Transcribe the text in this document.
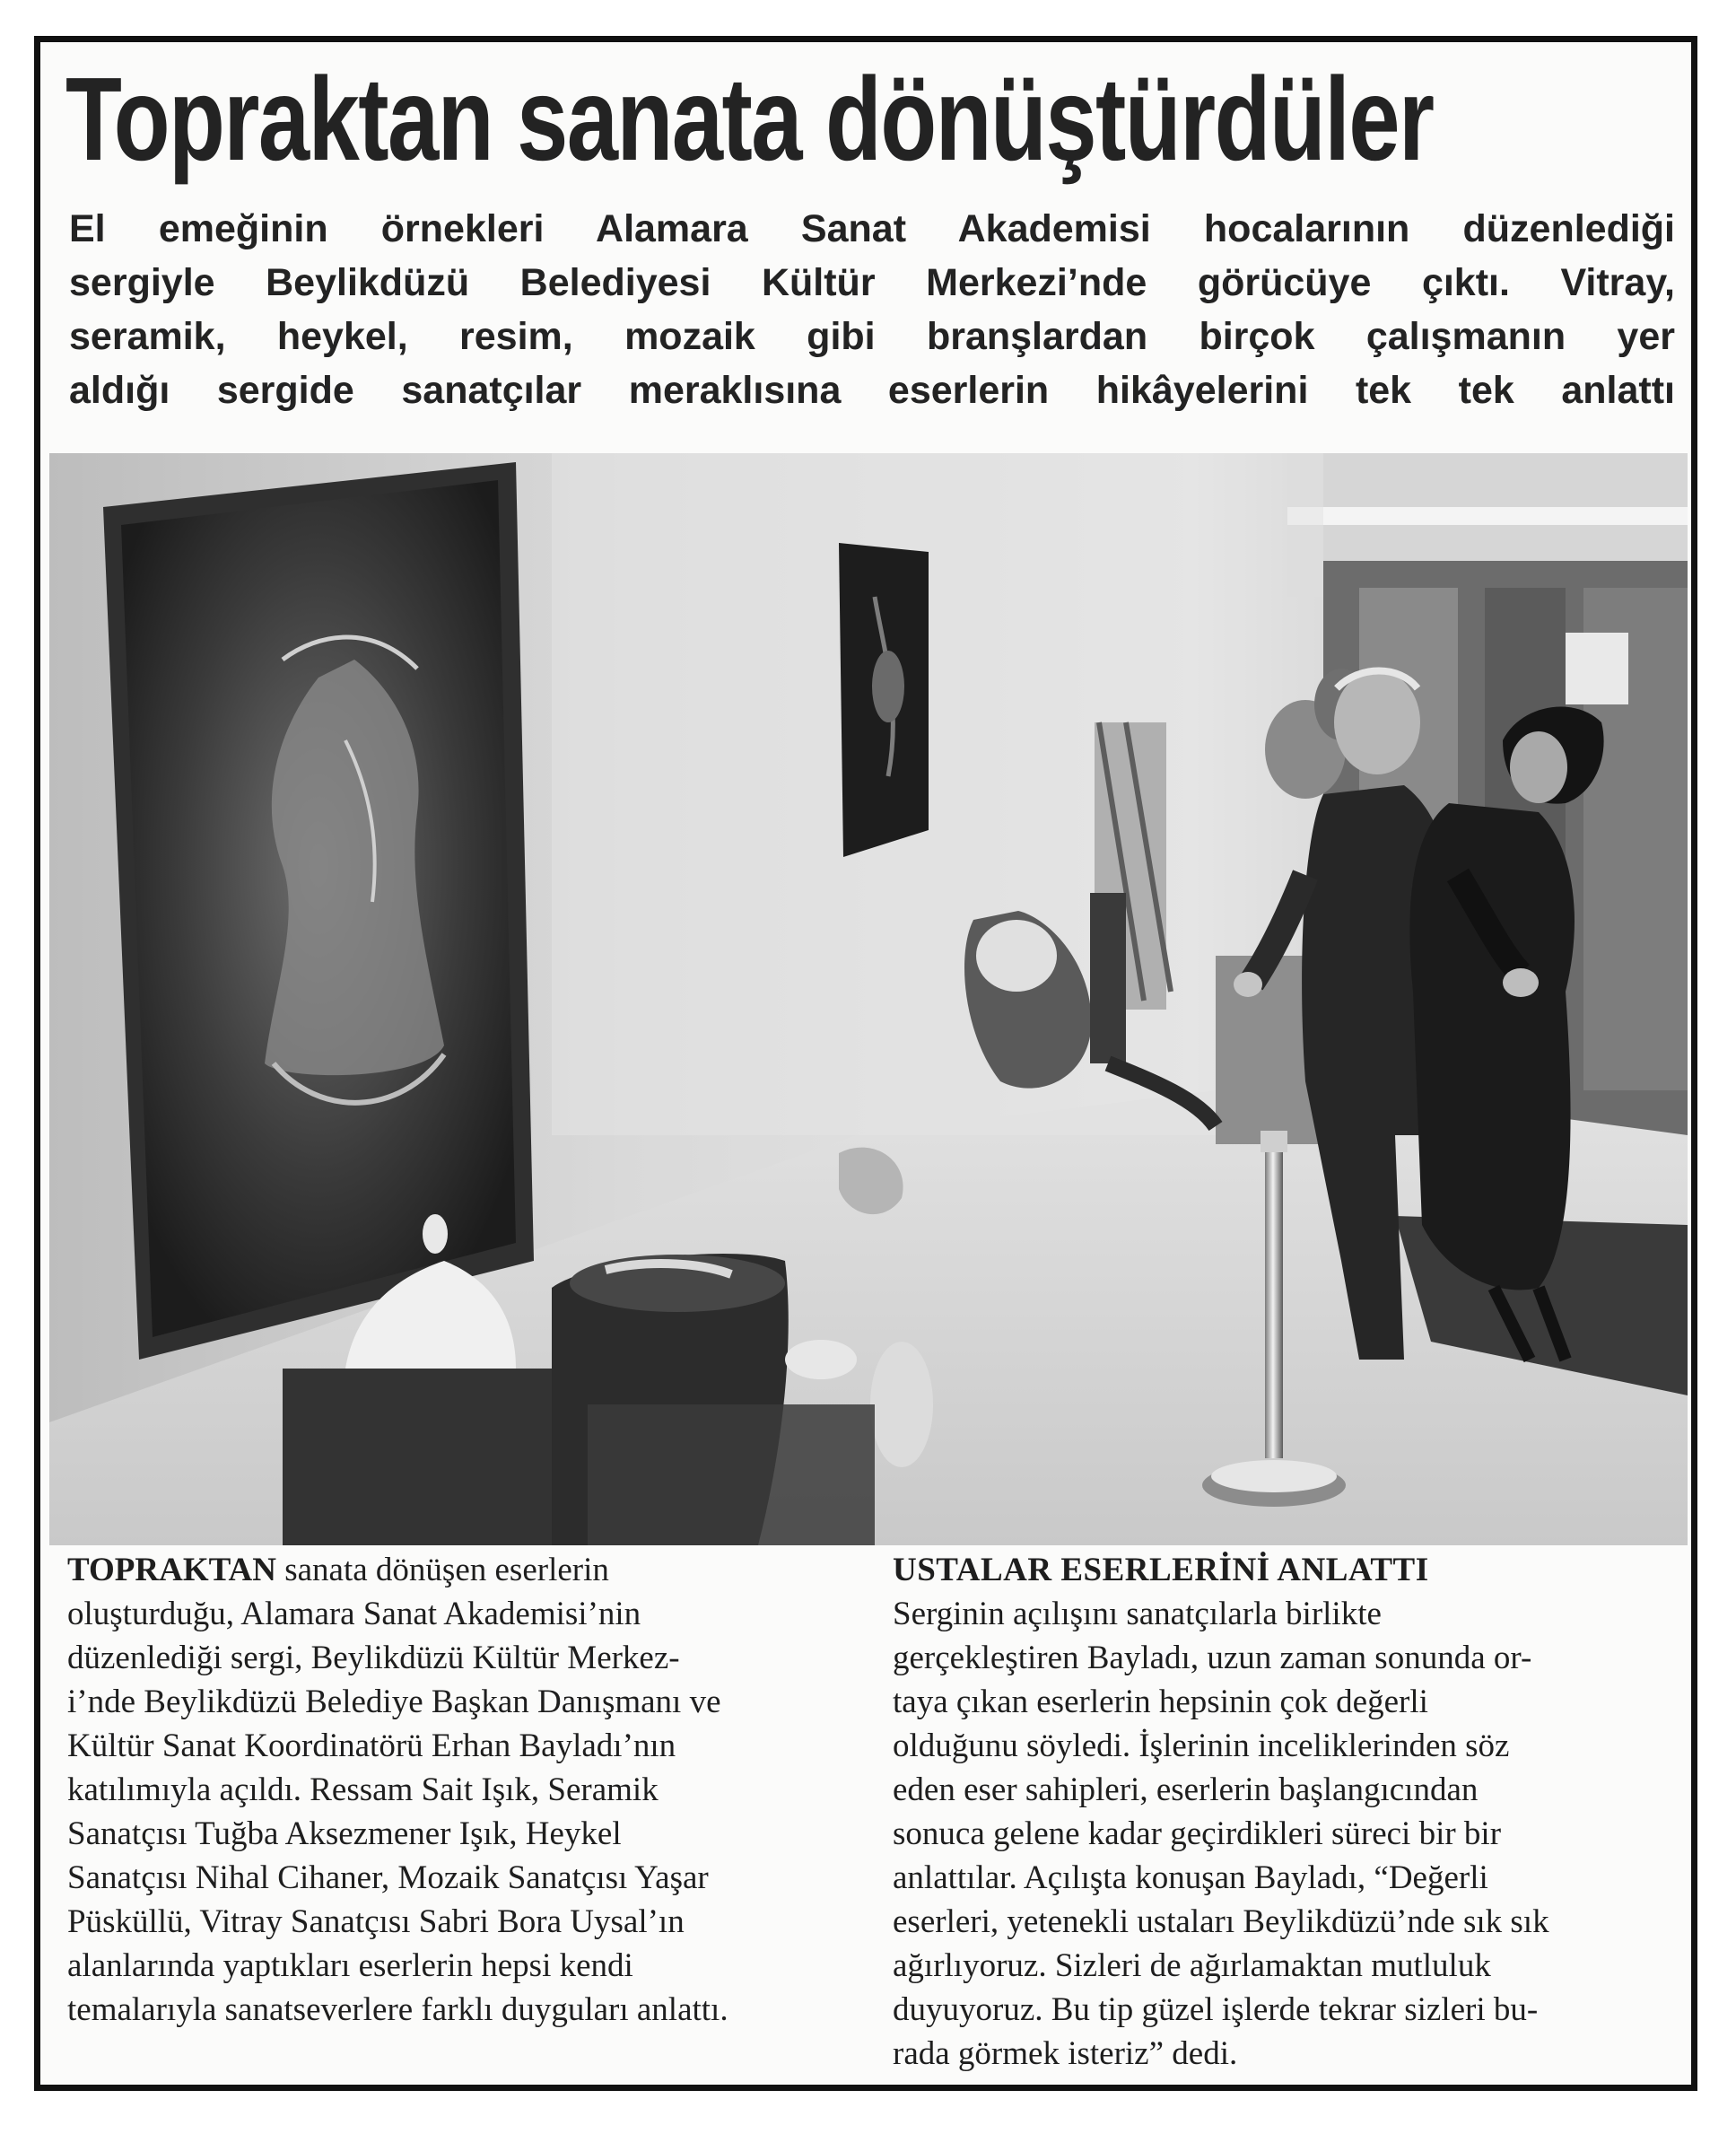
Topraktan sanata dönüştürdüler
El emeğinin örnekleri Alamara Sanat Akademisi hocalarının düzenlediği
sergiyle Beylikdüzü Belediyesi Kültür Merkezi’nde görücüye çıktı. Vitray,
seramik, heykel, resim, mozaik gibi branşlardan birçok çalışmanın yer
aldığı sergide sanatçılar meraklısına eserlerin hikâyelerini tek tek anlattı

TOPRAKTAN sanata dönüşen eserlerin
oluşturduğu, Alamara Sanat Akademisi’nin
düzenlediği sergi, Beylikdüzü Kültür Merkez-
i’nde Beylikdüzü Belediye Başkan Danışmanı ve
Kültür Sanat Koordinatörü Erhan Bayladı’nın
katılımıyla açıldı. Ressam Sait Işık, Seramik
Sanatçısı Tuğba Aksezmener Işık, Heykel
Sanatçısı Nihal Cihaner, Mozaik Sanatçısı Yaşar
Püsküllü, Vitray Sanatçısı Sabri Bora Uysal’ın
alanlarında yaptıkları eserlerin hepsi kendi
temalarıyla sanatseverlere farklı duyguları anlattı.

USTALAR ESERLERİNİ ANLATTI
Serginin açılışını sanatçılarla birlikte
gerçekleştiren Bayladı, uzun zaman sonunda or-
taya çıkan eserlerin hepsinin çok değerli
olduğunu söyledi. İşlerinin inceliklerinden söz
eden eser sahipleri, eserlerin başlangıcından
sonuca gelene kadar geçirdikleri süreci bir bir
anlattılar. Açılışta konuşan Bayladı, “Değerli
eserleri, yetenekli ustaları Beylikdüzü’nde sık sık
ağırlıyoruz. Sizleri de ağırlamaktan mutluluk
duyuyoruz. Bu tip güzel işlerde tekrar sizleri bu-
rada görmek isteriz” dedi.
